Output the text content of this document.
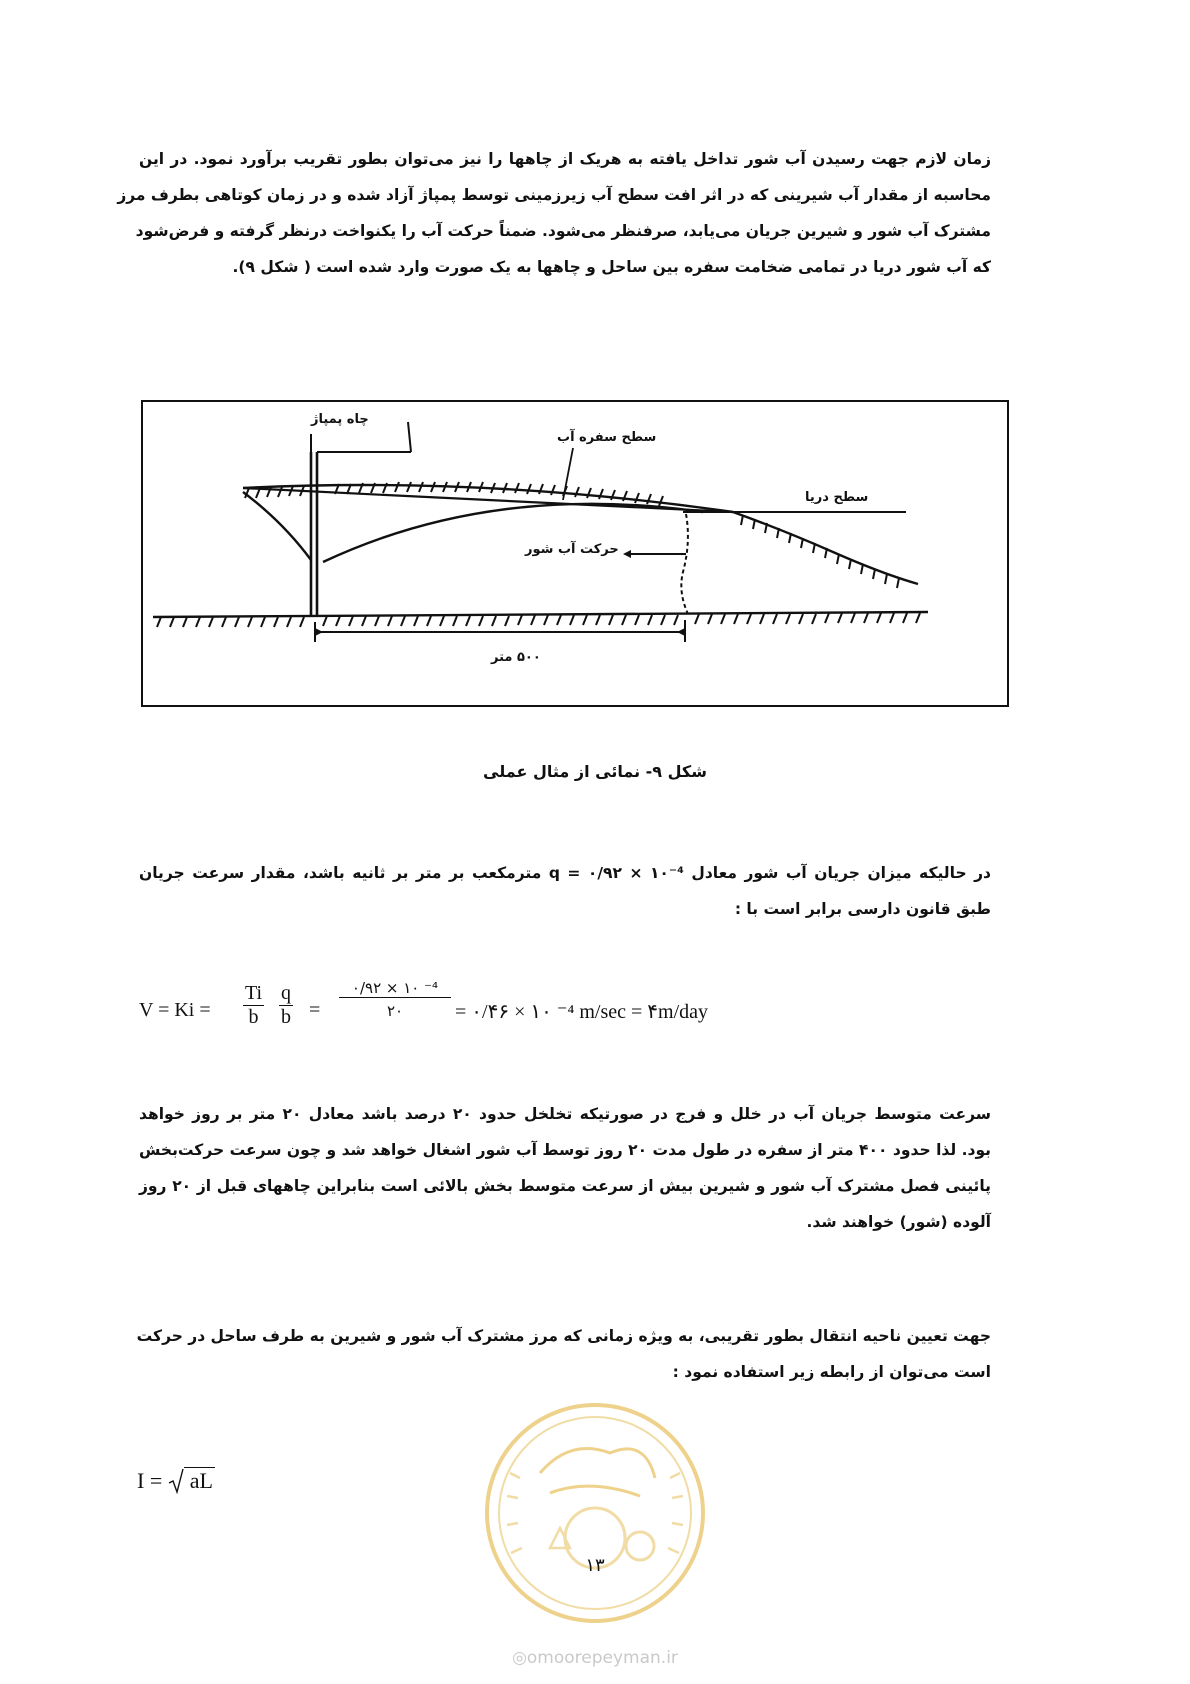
زمان لازم جهت رسیدن آب شور تداخل یافته به هریک از چاهها را نیز می‌توان بطور تقریب برآورد نمود. در این
محاسبه از مقدار آب شیرینی که در اثر افت سطح آب زیرزمینی توسط پمپاژ آزاد شده و در زمان کوتاهی بطرف مرز
مشترک آب شور و شیرین جریان می‌یابد، صرفنظر می‌شود. ضمناً حرکت آب را یکنواخت درنظر گرفته و فرض‌شود
که آب شور دریا در تمامی ضخامت سفره بین ساحل و چاهها به یک صورت وارد شده است ( شکل ۹).
چاه پمپاژ
سطح سفره آب
سطح دریا
حرکت آب شور
۵۰۰ متر
شکل ۹- نمائی از مثال عملی
در حالیکه میزان جریان آب شور معادل q = ۰/۹۲ × ۱۰⁻⁴ مترمکعب بر متر بر ثانیه باشد، مقدار سرعت جریان
طبق قانون دارسی برابر است با :
$V = Ki = \frac{Ti}{b} \frac{q}{b}$ =
۰/۹۲ × ۱۰ ⁻⁴
۲۰	= ۰/۴۶ × ۱۰ ⁻⁴ m/sec = ۴m/day
سرعت متوسط جریان آب در خلل و فرج در صورتیکه تخلخل حدود ۲۰ درصد باشد معادل ۲۰ متر بر روز خواهد
بود. لذا حدود ۴۰۰ متر از سفره در طول مدت ۲۰ روز توسط آب شور اشغال خواهد شد و چون سرعت حرکت‌بخش
پائینی فصل مشترک آب شور و شیرین بیش از سرعت متوسط بخش بالائی است بنابراین چاههای قبل از ۲۰ روز
آلوده (شور) خواهند شد.
جهت تعیین ناحیه انتقال بطور تقریبی، به ویژه زمانی که مرز مشترک آب شور و شیرین به طرف ساحل در حرکت
است می‌توان از رابطه زیر استفاده نمود :
I = aL
۱۳
◎omoorepeyman.ir
